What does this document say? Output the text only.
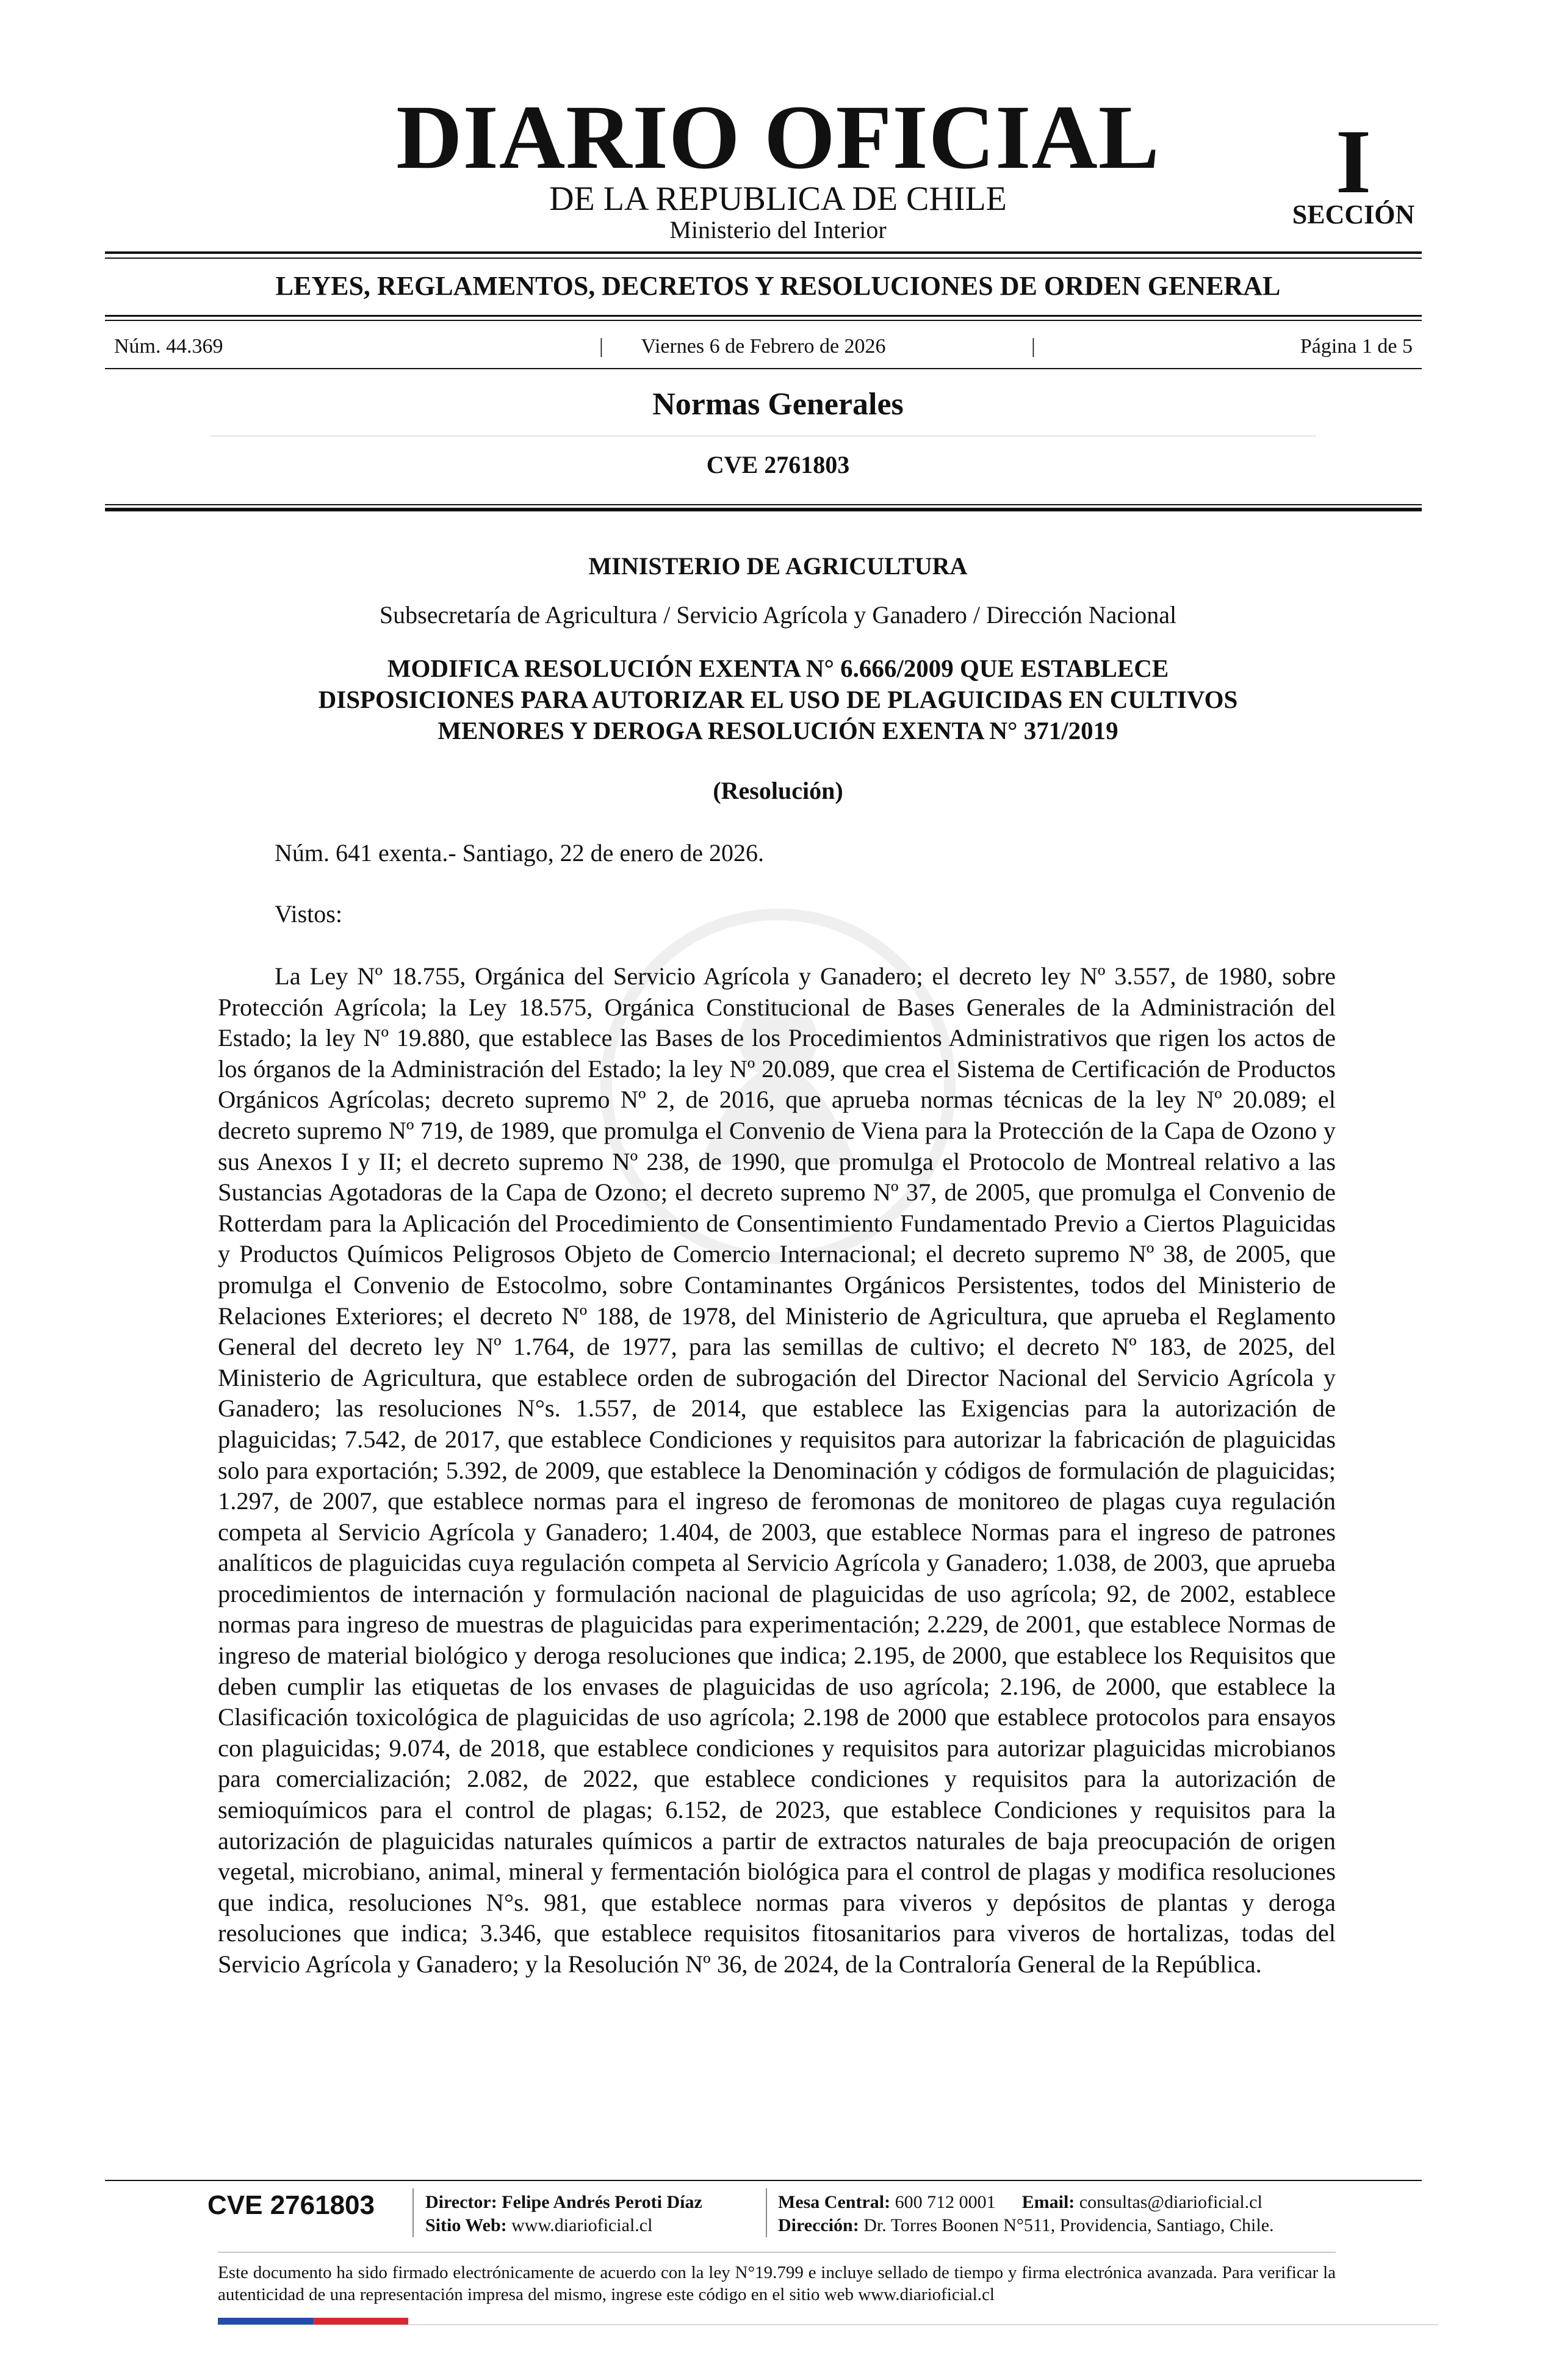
DIARIO OFICIAL
DE LA REPUBLICA DE CHILE
Ministerio del Interior
I
SECCIÓN
LEYES, REGLAMENTOS, DECRETOS Y RESOLUCIONES DE ORDEN GENERAL
Núm. 44.369	|	Viernes 6 de Febrero de 2026	|	Página 1 de 5
Normas Generales
CVE 2761803
MINISTERIO DE AGRICULTURA
Subsecretaría de Agricultura / Servicio Agrícola y Ganadero / Dirección Nacional
MODIFICA RESOLUCIÓN EXENTA N° 6.666/2009 QUE ESTABLECE
DISPOSICIONES PARA AUTORIZAR EL USO DE PLAGUICIDAS EN CULTIVOS
MENORES Y DEROGA RESOLUCIÓN EXENTA N° 371/2019
(Resolución)
Núm. 641 exenta.- Santiago, 22 de enero de 2026.
Vistos:

La Ley Nº 18.755, Orgánica del Servicio Agrícola y Ganadero; el decreto ley Nº 3.557, de 1980, sobre Protección Agrícola; la Ley 18.575, Orgánica Constitucional de Bases Generales de la Administración del Estado; la ley Nº 19.880, que establece las Bases de los Procedimientos Administrativos que rigen los actos de los órganos de la Administración del Estado; la ley Nº 20.089, que crea el Sistema de Certificación de Productos Orgánicos Agrícolas; decreto supremo Nº 2, de 2016, que aprueba normas técnicas de la ley Nº 20.089; el decreto supremo Nº 719, de 1989, que promulga el Convenio de Viena para la Protección de la Capa de Ozono y sus Anexos I y II; el decreto supremo Nº 238, de 1990, que promulga el Protocolo de Montreal relativo a las Sustancias Agotadoras de la Capa de Ozono; el decreto supremo Nº 37, de 2005, que promulga el Convenio de Rotterdam para la Aplicación del Procedimiento de Consentimiento Fundamentado Previo a Ciertos Plaguicidas y Productos Químicos Peligrosos Objeto de Comercio Internacional; el decreto supremo Nº 38, de 2005, que promulga el Convenio de Estocolmo, sobre Contaminantes Orgánicos Persistentes, todos del Ministerio de Relaciones Exteriores; el decreto Nº 188, de 1978, del Ministerio de Agricultura, que aprueba el Reglamento General del decreto ley Nº 1.764, de 1977, para las semillas de cultivo; el decreto Nº 183, de 2025, del Ministerio de Agricultura, que establece orden de subrogación del Director Nacional del Servicio Agrícola y Ganadero; las resoluciones N°s. 1.557, de 2014, que establece las Exigencias para la autorización de plaguicidas; 7.542, de 2017, que establece Condiciones y requisitos para autorizar la fabricación de plaguicidas solo para exportación; 5.392, de 2009, que establece la Denominación y códigos de formulación de plaguicidas; 1.297, de 2007, que establece normas para el ingreso de feromonas de monitoreo de plagas cuya regulación competa al Servicio Agrícola y Ganadero; 1.404, de 2003, que establece Normas para el ingreso de patrones analíticos de plaguicidas cuya regulación competa al Servicio Agrícola y Ganadero; 1.038, de 2003, que aprueba procedimientos de internación y formulación nacional de plaguicidas de uso agrícola; 92, de 2002, establece normas para ingreso de muestras de plaguicidas para experimentación; 2.229, de 2001, que establece Normas de ingreso de material biológico y deroga resoluciones que indica; 2.195, de 2000, que establece los Requisitos que deben cumplir las etiquetas de los envases de plaguicidas de uso agrícola; 2.196, de 2000, que establece la Clasificación toxicológica de plaguicidas de uso agrícola; 2.198 de 2000 que establece protocolos para ensayos con plaguicidas; 9.074, de 2018, que establece condiciones y requisitos para autorizar plaguicidas microbianos para comercialización; 2.082, de 2022, que establece condiciones y requisitos para la autorización de semioquímicos para el control de plagas; 6.152, de 2023, que establece Condiciones y requisitos para la autorización de plaguicidas naturales químicos a partir de extractos naturales de baja preocupación de origen vegetal, microbiano, animal, mineral y fermentación biológica para el control de plagas y modifica resoluciones que indica, resoluciones N°s. 981, que establece normas para viveros y depósitos de plantas y deroga resoluciones que indica; 3.346, que establece requisitos fitosanitarios para viveros de hortalizas, todas del Servicio Agrícola y Ganadero; y la Resolución Nº 36, de 2024, de la Contraloría General de la República.

CVE 2761803	Director: Felipe Andrés Peroti Díaz
Sitio Web: www.diarioficial.cl
Mesa Central: 600 712 0001 Email: consultas@diarioficial.cl
Dirección: Dr. Torres Boonen N°511, Providencia, Santiago, Chile.
Este documento ha sido firmado electrónicamente de acuerdo con la ley N°19.799 e incluye sellado de tiempo y firma electrónica avanzada. Para verificar la autenticidad de una representación impresa del mismo, ingrese este código en el sitio web www.diarioficial.cl
